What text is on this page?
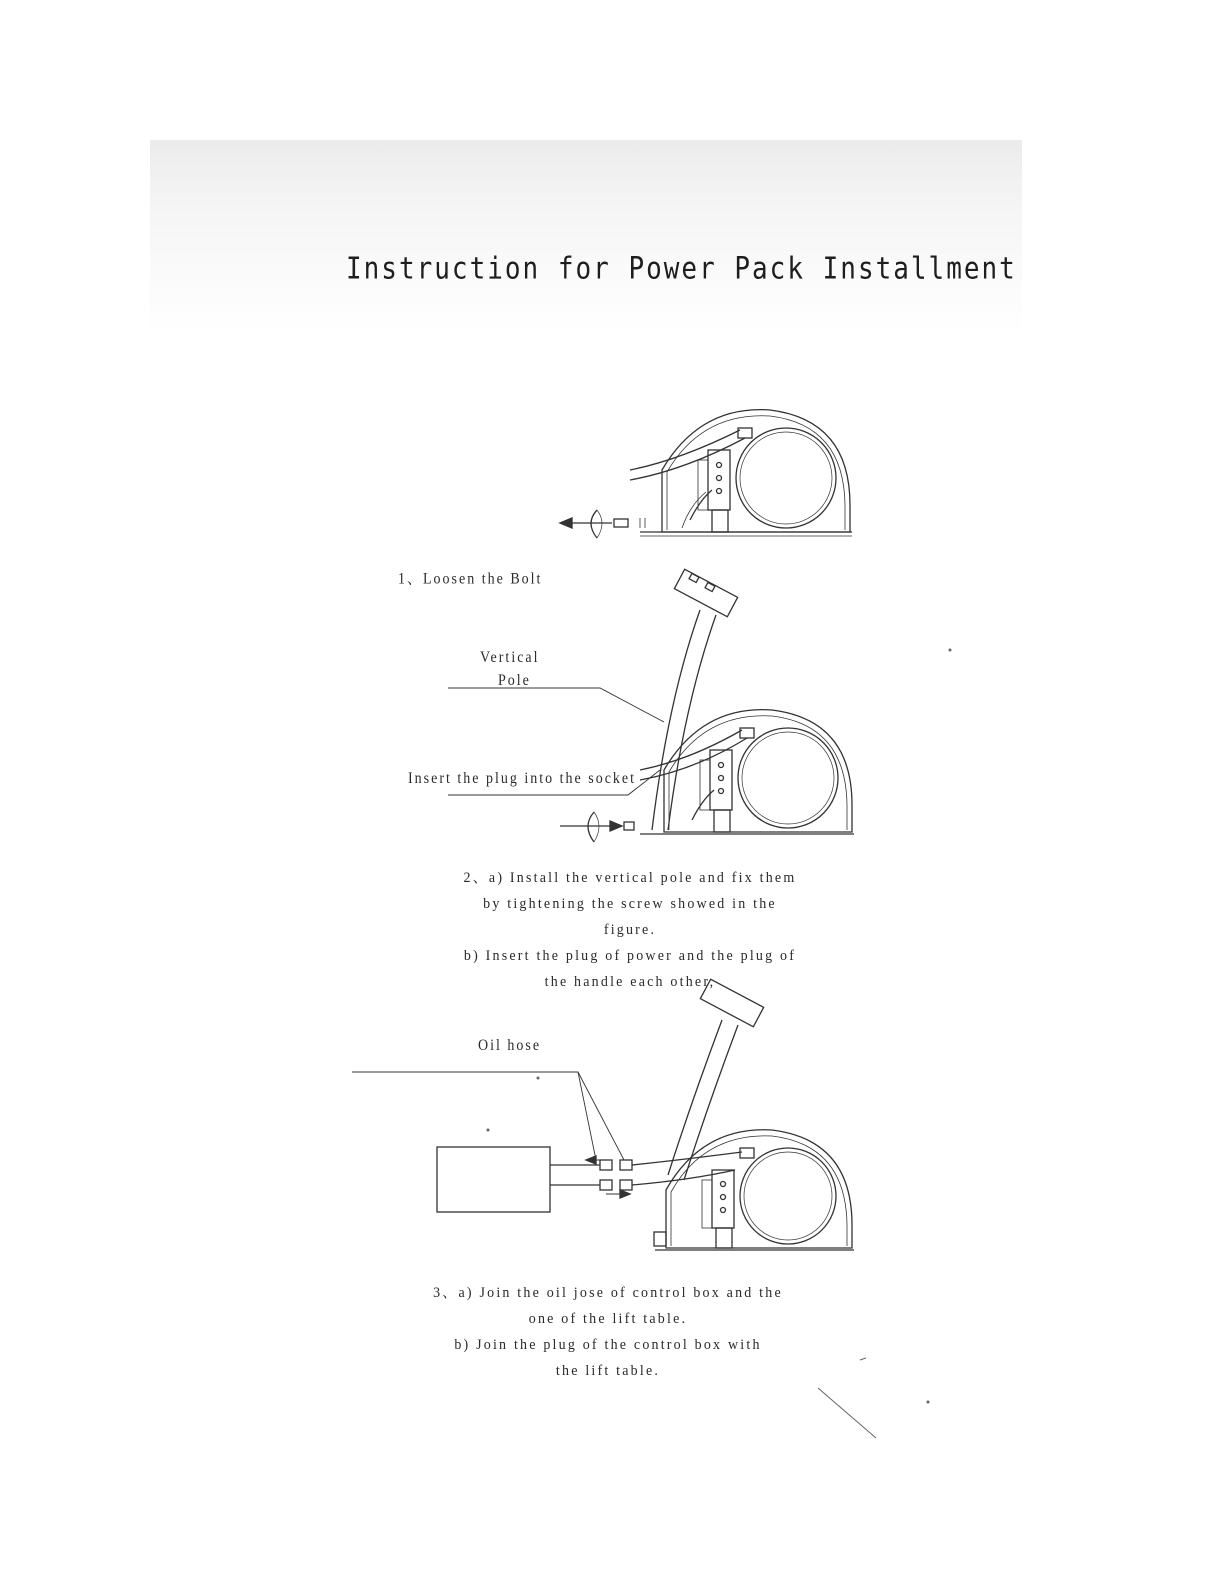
Instruction for Power Pack Installment
1、Loosen the Bolt
Vertical
Pole
Insert the plug into the socket
2、a) Install the vertical pole and fix them
by tightening the screw showed in the
figure.
b) Insert the plug of power and the plug of
the handle each other,
Oil hose
3、a) Join the oil jose of control box and the
one of the lift table.
b) Join the plug of the control box with
the lift table.
